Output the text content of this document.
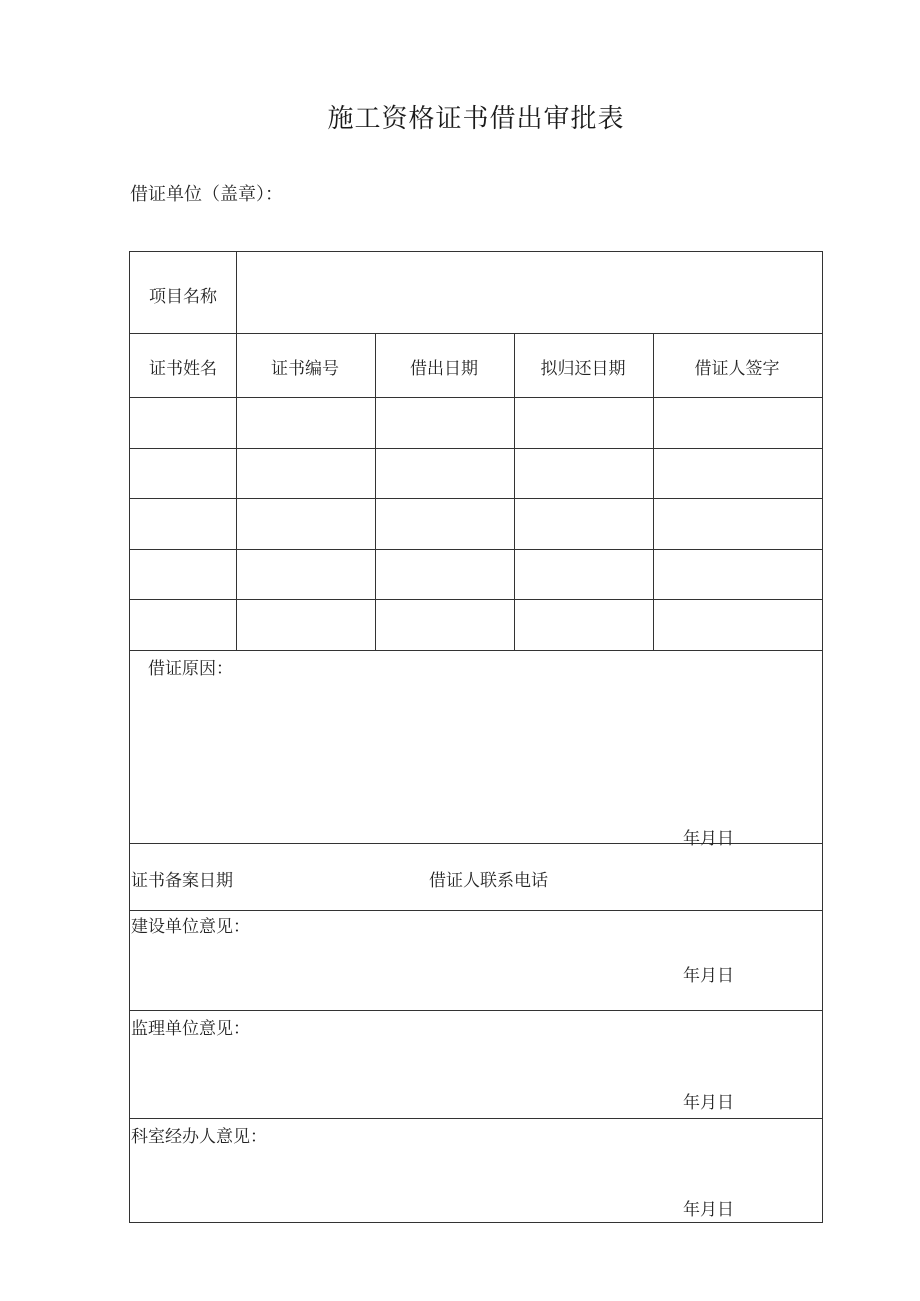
施工资格证书借出审批表
借证单位（盖章）：
项目名称
证书姓名	证书编号	借出日期	拟归还日期	借证人签字
借证原因：
年月日
证书备案日期	借证人联系电话
建设单位意见：
年月日
监理单位意见：
年月日
科室经办人意见：
年月日
